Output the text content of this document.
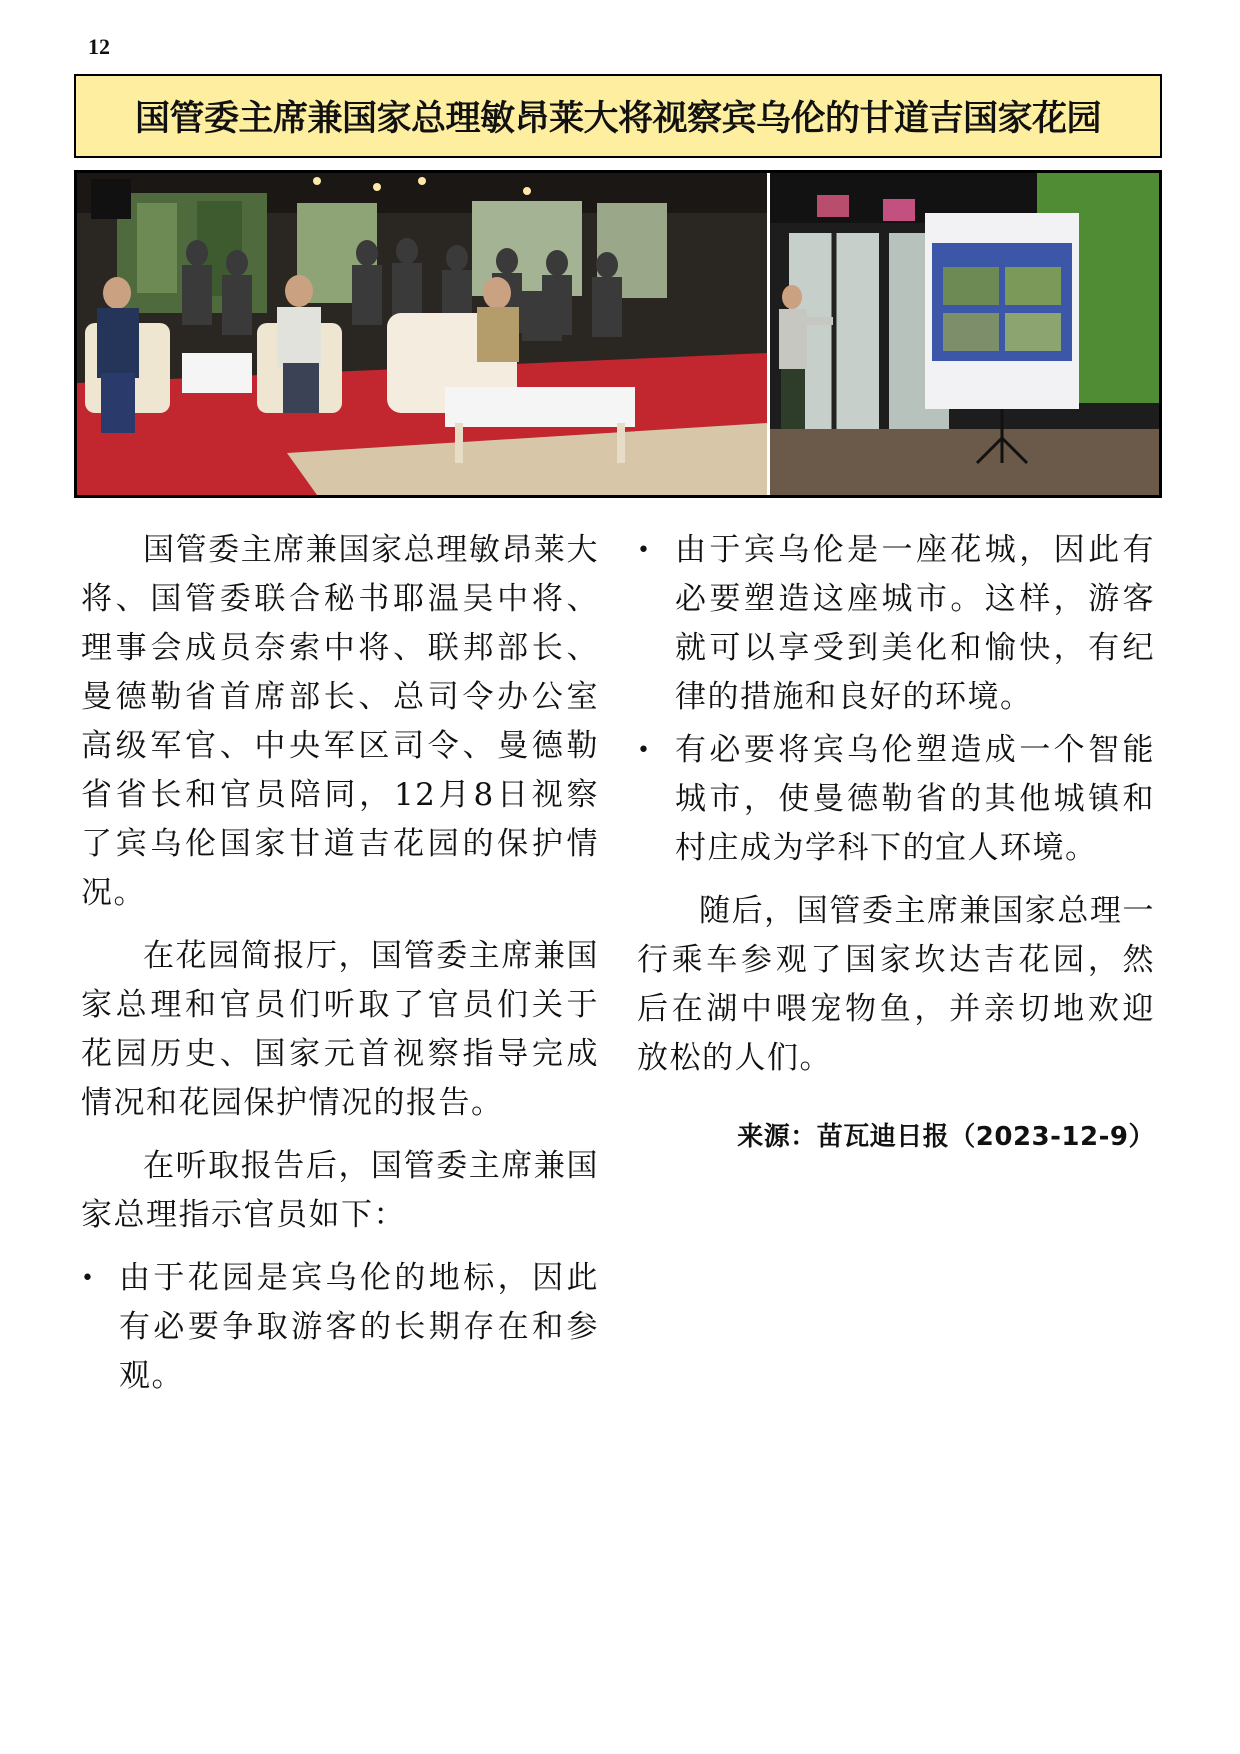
12
国管委主席兼国家总理敏昂莱大将视察宾乌伦的甘道吉国家花园

国管委主席兼国家总理敏昂莱大将、国管委联合秘书耶温吴中将、理事会成员奈索中将、联邦部长、曼德勒省首席部长、总司令办公室高级军官、中央军区司令、曼德勒省省长和官员陪同，12月8日视察了宾乌伦国家甘道吉花园的保护情况。

在花园简报厅，国管委主席兼国家总理和官员们听取了官员们关于花园历史、国家元首视察指导完成情况和花园保护情况的报告。

在听取报告后，国管委主席兼国家总理指示官员如下：

• 由于花园是宾乌伦的地标，因此有必要争取游客的长期存在和参观。
• 由于宾乌伦是一座花城，因此有必要塑造这座城市。这样，游客就可以享受到美化和愉快，有纪律的措施和良好的环境。
• 有必要将宾乌伦塑造成一个智能城市，使曼德勒省的其他城镇和村庄成为学科下的宜人环境。

随后，国管委主席兼国家总理一行乘车参观了国家坎达吉花园，然后在湖中喂宠物鱼，并亲切地欢迎放松的人们。

来源：苗瓦迪日报（2023-12-9）
